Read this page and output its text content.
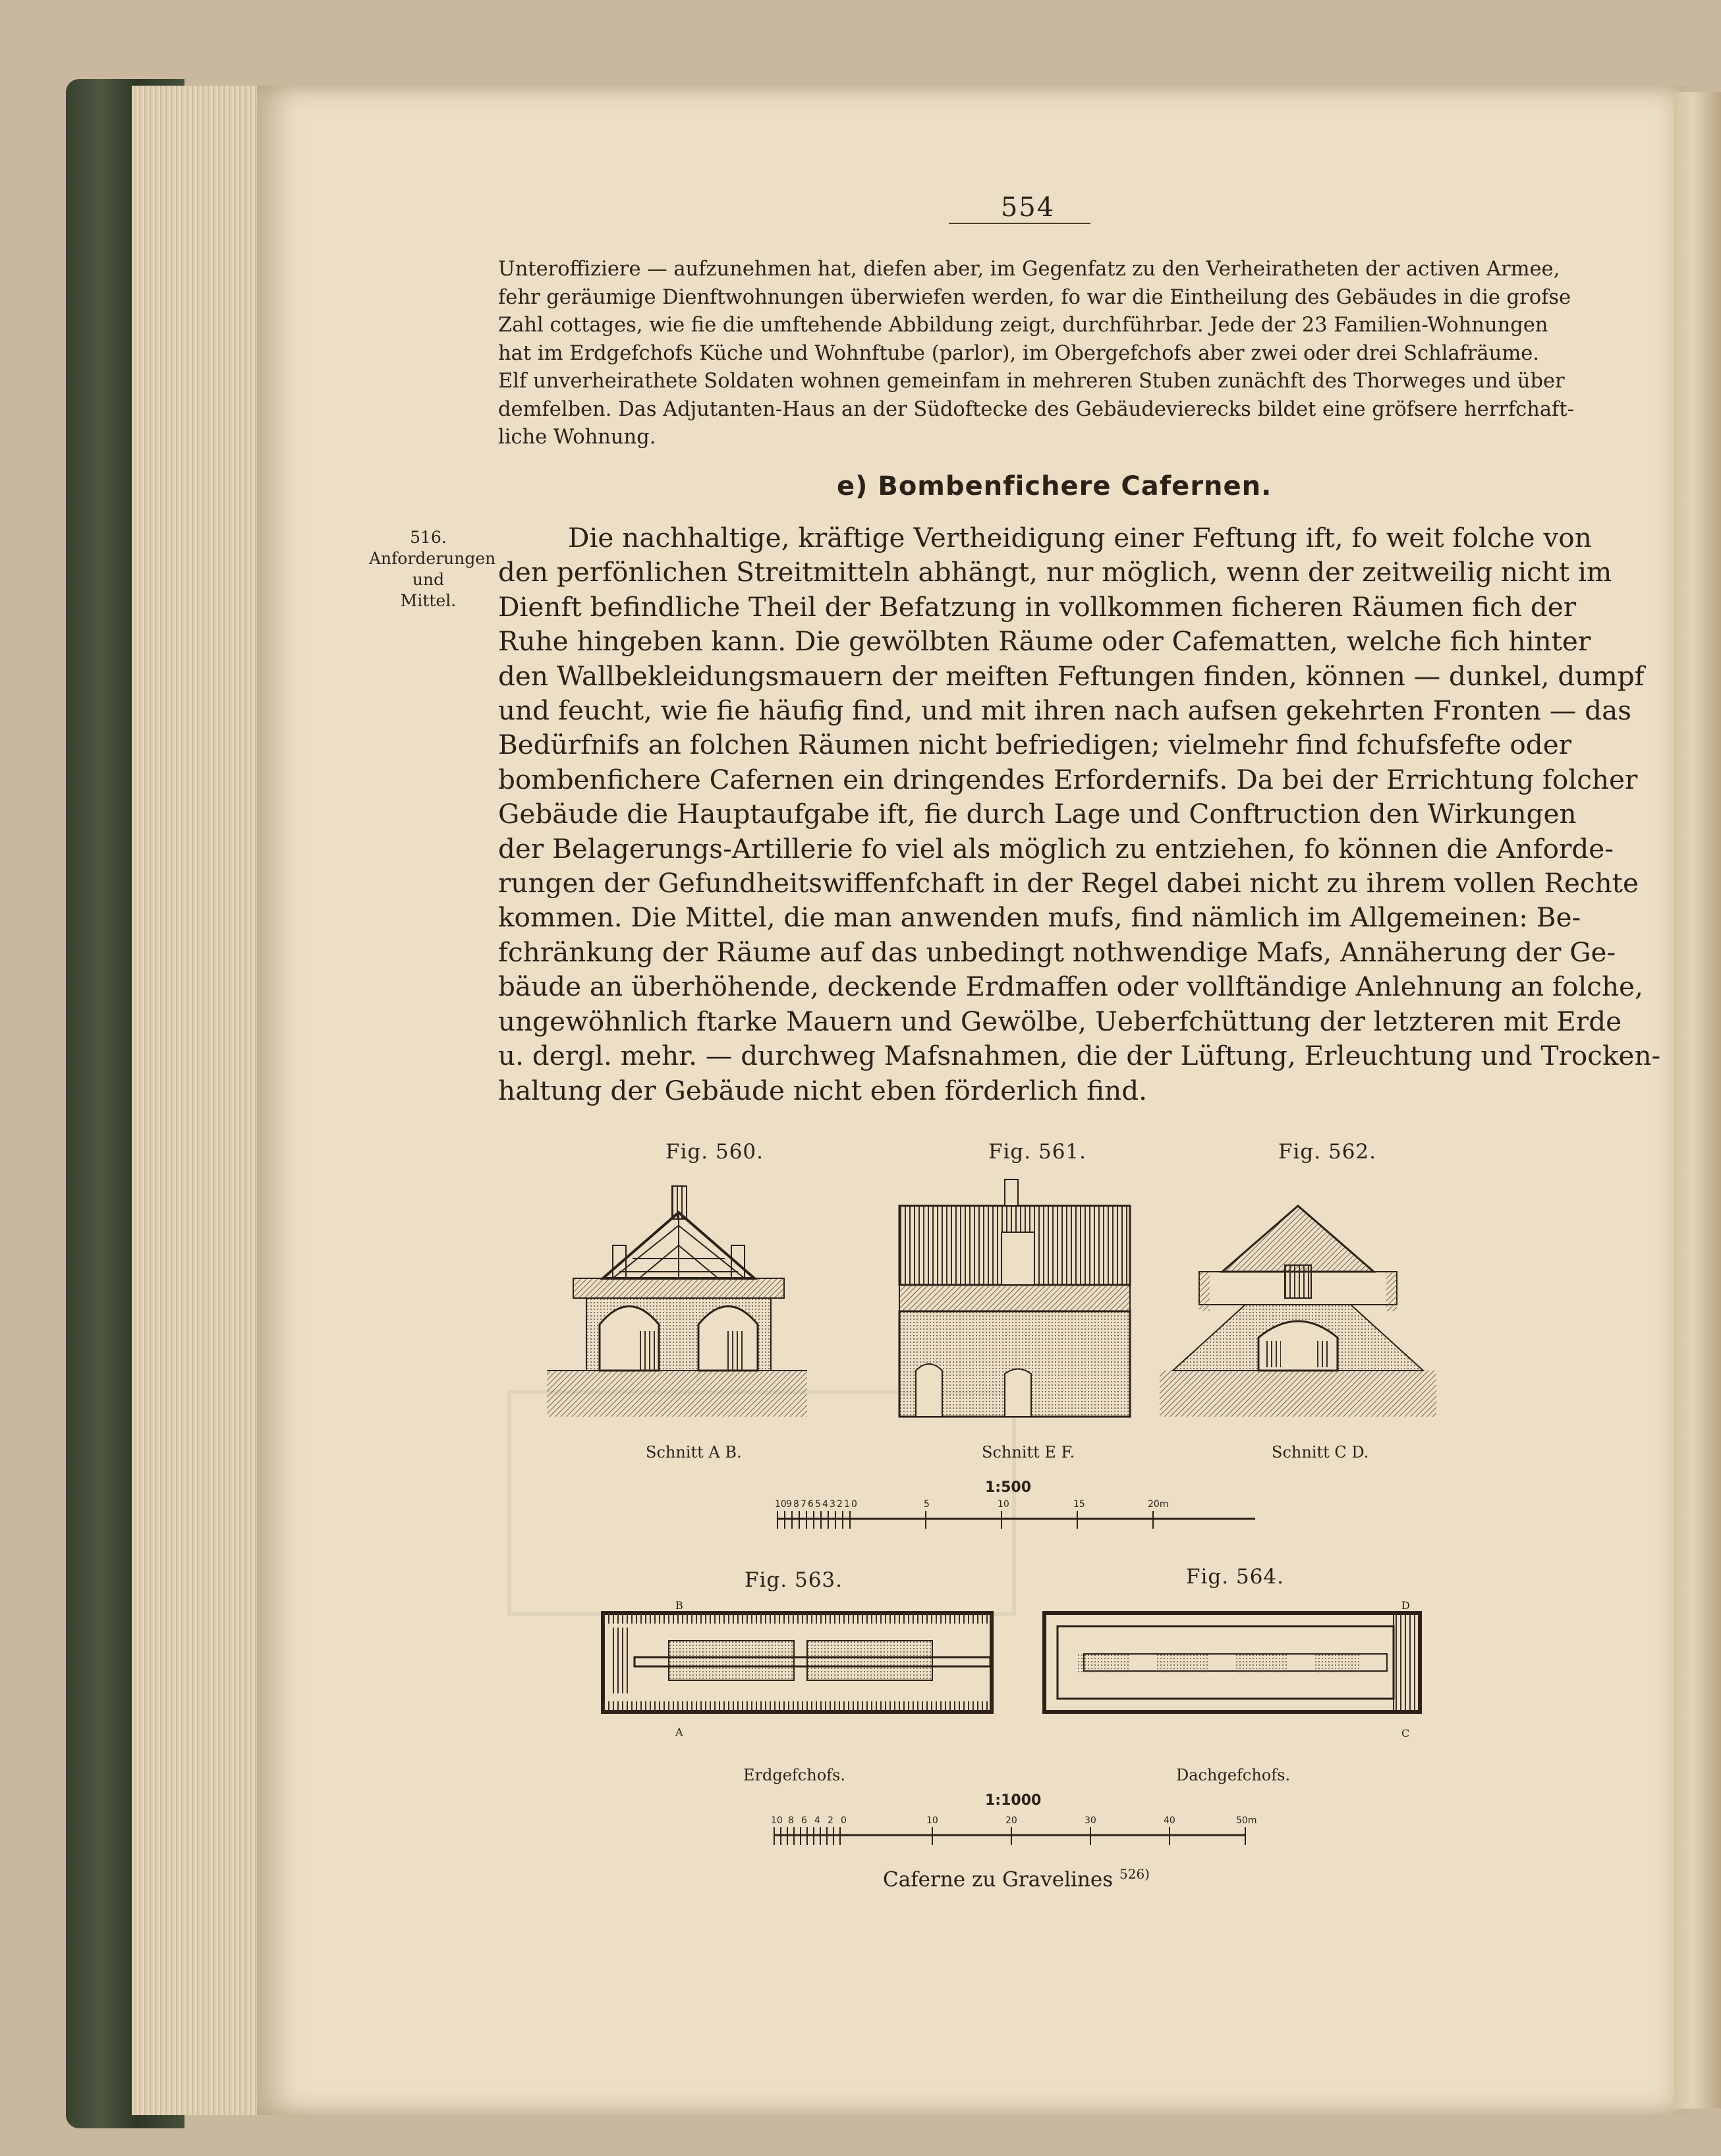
554
Unteroffiziere — aufzunehmen hat, diefen aber, im Gegenfatz zu den Verheiratheten der activen Armee,
fehr geräumige Dienftwohnungen überwiefen werden, fo war die Eintheilung des Gebäudes in die grofse
Zahl cottages, wie fie die umftehende Abbildung zeigt, durchführbar. Jede der 23 Familien-Wohnungen
hat im Erdgefchofs Küche und Wohnftube (parlor), im Obergefchofs aber zwei oder drei Schlafräume.
Elf unverheirathete Soldaten wohnen gemeinfam in mehreren Stuben zunächft des Thorweges und über
demfelben. Das Adjutanten-Haus an der Südoftecke des Gebäudevierecks bildet eine gröfsere herrfchaft-
liche Wohnung.
e) Bombenfichere Cafernen.
516.
Anforderungen
und
Mittel.
Die nachhaltige, kräftige Vertheidigung einer Feftung ift, fo weit folche von
den perfönlichen Streitmitteln abhängt, nur möglich, wenn der zeitweilig nicht im
Dienft befindliche Theil der Befatzung in vollkommen ficheren Räumen fich der
Ruhe hingeben kann. Die gewölbten Räume oder Cafematten, welche fich hinter
den Wallbekleidungsmauern der meiften Feftungen finden, können — dunkel, dumpf
und feucht, wie fie häufig find, und mit ihren nach aufsen gekehrten Fronten — das
Bedürfnifs an folchen Räumen nicht befriedigen; vielmehr find fchufsfefte oder
bombenfichere Cafernen ein dringendes Erfordernifs. Da bei der Errichtung folcher
Gebäude die Hauptaufgabe ift, fie durch Lage und Conftruction den Wirkungen
der Belagerungs-Artillerie fo viel als möglich zu entziehen, fo können die Anforde-
rungen der Gefundheitswiffenfchaft in der Regel dabei nicht zu ihrem vollen Rechte
kommen. Die Mittel, die man anwenden mufs, find nämlich im Allgemeinen: Be-
fchränkung der Räume auf das unbedingt nothwendige Mafs, Annäherung der Ge-
bäude an überhöhende, deckende Erdmaffen oder vollftändige Anlehnung an folche,
ungewöhnlich ftarke Mauern und Gewölbe, Ueberfchüttung der letzteren mit Erde
u. dergl. mehr. — durchweg Mafsnahmen, die der Lüftung, Erleuchtung und Trocken-
haltung der Gebäude nicht eben förderlich find.
Fig. 560.	Fig. 561.	Fig. 562.
Schnitt A B.	Schnitt E F.	Schnitt C D.
1:500
10 9 8 7 6 5 4 3 2 1 0	5	10	15	20m
Fig. 563.	Fig. 564.
B
A
Erdgefchofs.
D
C
Dachgefchofs.
1:1000
10 8 6 4 2 0	10	20	30	40	50m
Caferne zu Gravelines $^{526)}$
